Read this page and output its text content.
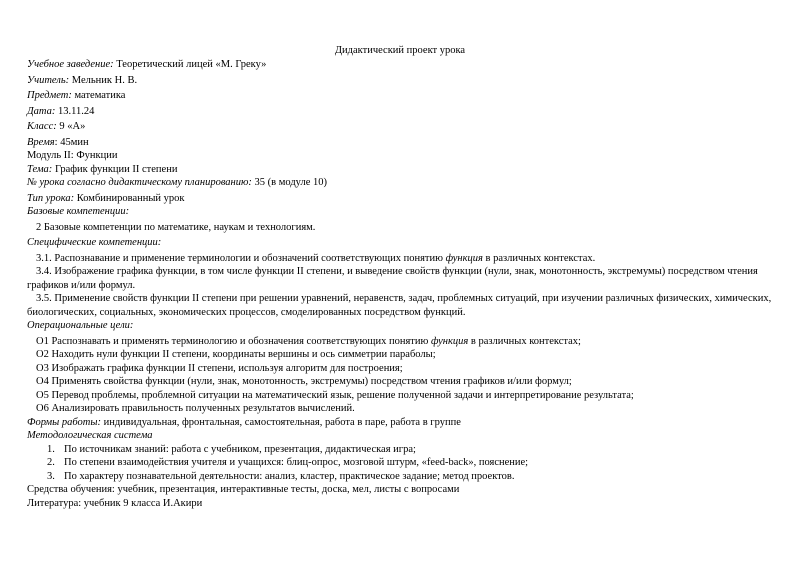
Дидактический проект урока
Учебное заведение: Теоретический лицей «М. Греку»
Учитель: Мельник Н. В.
Предмет: математика
Дата: 13.11.24
Класс: 9 «А»
Время: 45мин
Модуль II: Функции
Тема: График функции II степени
№ урока согласно дидактическому планированию: 35 (в модуле 10)
Тип урока: Комбинированный урок
Базовые компетенции:
2 Базовые компетенции по математике, наукам и технологиям.
Специфические компетенции:
3.1. Распознавание и применение терминологии и обозначений соответствующих понятию функция в различных контекстах.
3.4. Изображение графика функции, в том числе функции II степени, и выведение свойств функции (нули, знак, монотонность, экстремумы) посредством чтения графиков и/или формул.
3.5. Применение свойств функции II степени при решении уравнений, неравенств, задач, проблемных ситуаций, при изучении различных физических, химических, биологических, социальных, экономических процессов, смоделированных посредством функций.
Операциональные цели:
O1 Распознавать и применять терминологию и обозначения соответствующих понятию функция в различных контекстах;
O2 Находить нули функции II степени, координаты вершины и ось симметрии параболы;
O3 Изображать графика функции II степени, используя алгоритм для построения;
O4 Применять свойства функции (нули, знак, монотонность, экстремумы) посредством чтения графиков и/или формул;
O5 Перевод проблемы, проблемной ситуации на математический язык, решение полученной задачи и интерпретирование результата;
O6 Анализировать правильность полученных результатов вычислений.
Формы работы: индивидуальная, фронтальная, самостоятельная, работа в паре, работа в группе
Методологическая система
1. По источникам знаний: работа с учебником, презентация, дидактическая игра;
2. По степени взаимодействия учителя и учащихся: блиц-опрос, мозговой штурм, «feed-back», пояснение;
3. По характеру познавательной деятельности: анализ, кластер, практическое задание; метод проектов.
Средства обучения: учебник, презентация, интерактивные тесты, доска, мел, листы с вопросами
Литература: учебник 9 класса И.Акири
